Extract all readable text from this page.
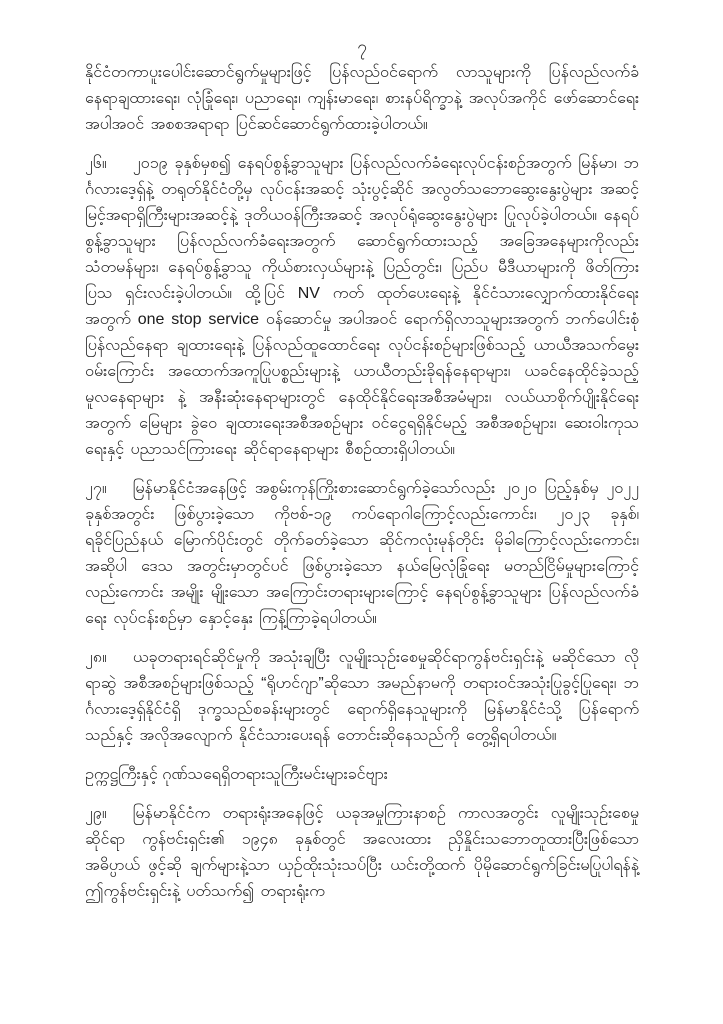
၇

နိုင်ငံတကာပူးပေါင်းဆောင်ရွက်မှုများဖြင့် ပြန်လည်ဝင်ရောက် လာသူများကို ပြန်လည်လက်ခံ နေရာချထားရေး၊ လုံခြုံရေး၊ ပညာရေး၊ ကျန်းမာရေး၊ စားနပ်ရိက္ခာနဲ့ အလုပ်အကိုင် ဖော်ဆောင်ရေးအပါအဝင် အစစအရာရာ ပြင်ဆင်ဆောင်ရွက်ထားခဲ့ပါတယ်။

၂၆။ ၂၀၁၉ ခုနှစ်မှစ၍ နေရပ်စွန့်ခွာသူများ ပြန်လည်လက်ခံရေးလုပ်ငန်းစဉ်အတွက် မြန်မာ၊ ဘင်္ဂလားဒေ့ရှ်နဲ့ တရုတ်နိုင်ငံတို့မှ လုပ်ငန်းအဆင့် သုံးပွင့်ဆိုင် အလွတ်သဘောဆွေးနွေးပွဲများ အဆင့်မြင့်အရာရှိကြီးများအဆင့်နဲ့ ဒုတိယဝန်ကြီးအဆင့် အလုပ်ရုံဆွေးနွေးပွဲများ ပြုလုပ်ခဲ့ပါတယ်။ နေရပ်စွန့်ခွာသူများ ပြန်လည်လက်ခံရေးအတွက် ဆောင်ရွက်ထားသည့် အခြေအနေများကိုလည်း သံတမန်များ၊ နေရပ်စွန့်ခွာသူ ကိုယ်စားလှယ်များနဲ့ ပြည်တွင်း၊ ပြည်ပ မီဒီယာများကို ဖိတ်ကြားပြသ ရှင်းလင်းခဲ့ပါတယ်။ ထို့ပြင် NV ကတ် ထုတ်ပေးရေးနဲ့ နိုင်ငံသားလျှောက်ထားနိုင်ရေးအတွက် one stop service ဝန်ဆောင်မှု အပါအဝင် ရောက်ရှိလာသူများအတွက် ဘက်ပေါင်းစုံ ပြန်လည်နေရာ ချထားရေးနဲ့ ပြန်လည်ထူထောင်ရေး လုပ်ငန်းစဉ်များဖြစ်သည့် ယာယီအသက်မွေးဝမ်းကြောင်း အထောက်အကူပြုပစ္စည်းများနဲ့ ယာယီတည်းခိုရန်နေရာများ၊ ယခင်နေထိုင်ခဲ့သည့် မူလနေရာများ နဲ့ အနီးဆုံးနေရာများတွင် နေထိုင်နိုင်ရေးအစီအမံများ၊ လယ်ယာစိုက်ပျိုးနိုင်ရေးအတွက် မြေများ ခွဲဝေ ချထားရေးအစီအစဉ်များ ဝင်ငွေရရှိနိုင်မည့် အစီအစဉ်များ၊ ဆေးဝါးကုသရေးနှင့် ပညာသင်ကြားရေး ဆိုင်ရာနေရာများ စီစဉ်ထားရှိပါတယ်။

၂၇။ မြန်မာနိုင်ငံအနေဖြင့် အစွမ်းကုန်ကြိုးစားဆောင်ရွက်ခဲ့သော်လည်း ၂၀၂၀ ပြည့်နှစ်မှ ၂၀၂၂ ခုနှစ်အတွင်း ဖြစ်ပွားခဲ့သော ကိုဗစ်-၁၉ ကပ်ရောဂါကြောင့်လည်းကောင်း၊ ၂၀၂၃ ခုနှစ်၊ ရခိုင်ပြည်နယ် မြောက်ပိုင်းတွင် တိုက်ခတ်ခဲ့သော ဆိုင်ကလုံးမုန်တိုင်း မိုခါကြောင့်လည်းကောင်း၊ အဆိုပါ ဒေသ အတွင်းမှာတွင်ပင် ဖြစ်ပွားခဲ့သော နယ်မြေလုံခြုံရေး မတည်ငြိမ်မှုများကြောင့်လည်းကောင်း အမျိုး မျိုးသော အကြောင်းတရားများကြောင့် နေရပ်စွန့်ခွာသူများ ပြန်လည်လက်ခံရေး လုပ်ငန်းစဉ်မှာ နှောင့်နှေး ကြန့်ကြာခဲ့ရပါတယ်။

၂၈။ ယခုတရားရင်ဆိုင်မှုကို အသုံးချပြီး လူမျိုးသုဉ်းစေမှုဆိုင်ရာကွန်ဗင်းရှင်းနဲ့ မဆိုင်သော လိုရာဆွဲ အစီအစဉ်များဖြစ်သည့် “ရိုဟင်ဂျာ”ဆိုသော အမည်နာမကို တရားဝင်အသုံးပြုခွင့်ပြုရေး၊ ဘင်္ဂလားဒေ့ရှ်နိုင်ငံရှိ ဒုက္ခသည်စခန်းများတွင် ရောက်ရှိနေသူများကို မြန်မာနိုင်ငံသို့ ပြန်ရောက် သည်နှင့် အလိုအလျောက် နိုင်ငံသားပေးရန် တောင်းဆိုနေသည်ကို တွေ့ရှိရပါတယ်။

ဥက္ကဋ္ဌကြီးနှင့် ဂုဏ်သရေရှိတရားသူကြီးမင်းများခင်ဗျား

၂၉။ မြန်မာနိုင်ငံက တရားရုံးအနေဖြင့် ယခုအမှုကြားနာစဉ် ကာလအတွင်း လူမျိုးသုဉ်းစေမှုဆိုင်ရာ ကွန်ဗင်းရှင်း၏ ၁၉၄၈ ခုနှစ်တွင် အလေးထား ညှိနှိုင်းသဘောတူထားပြီးဖြစ်သော အဓိပ္ပာယ် ဖွင့်ဆို ချက်များနဲ့သာ ယှဉ်ထိုးသုံးသပ်ပြီး ယင်းတို့ထက် ပိုမိုဆောင်ရွက်ခြင်းမပြုပါရန်နဲ့ ဤကွန်ဗင်းရှင်းနဲ့ ပတ်သက်၍ တရားရုံးက
